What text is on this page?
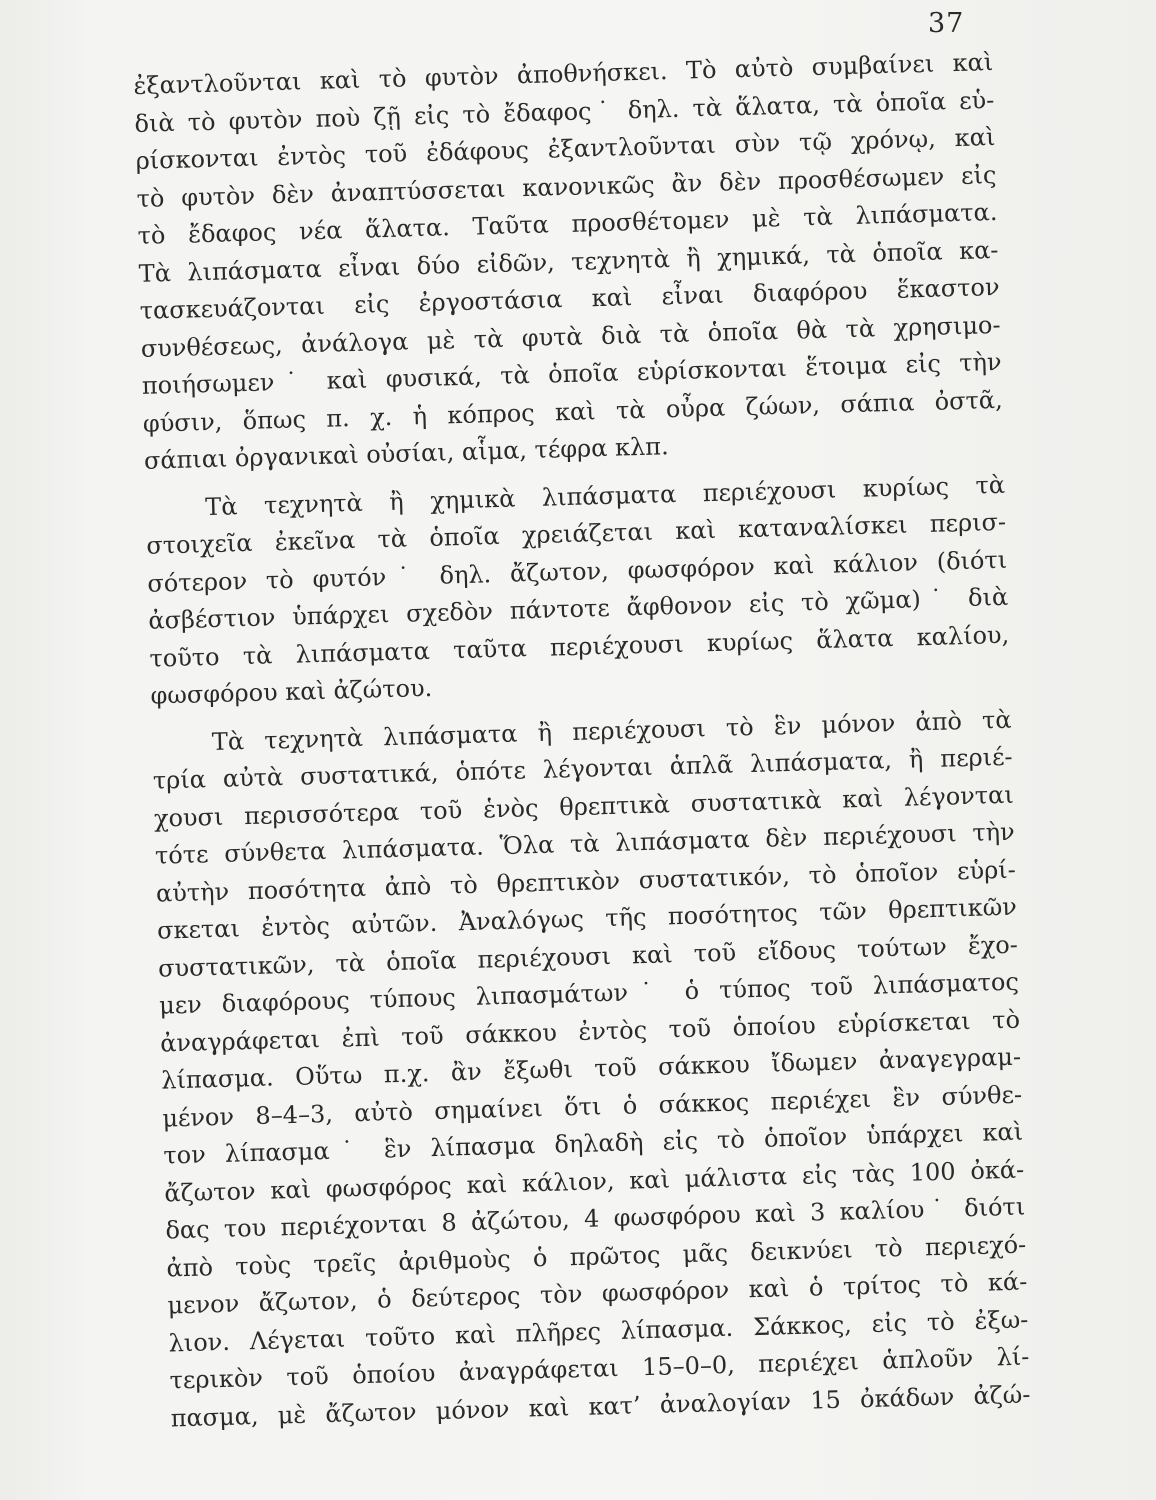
37
ἐξαντλοῦνται καὶ τὸ φυτὸν ἀποθνήσκει. Τὸ αὐτὸ συμβαίνει καὶ
διὰ τὸ φυτὸν ποὺ ζῇ εἰς τὸ ἔδαφος˙ δηλ. τὰ ἅλατα, τὰ ὁποῖα εὑ-
ρίσκονται ἐντὸς τοῦ ἐδάφους ἐξαντλοῦνται σὺν τῷ χρόνῳ, καὶ
τὸ φυτὸν δὲν ἀναπτύσσεται κανονικῶς ἂν δὲν προσθέσωμεν εἰς
τὸ ἔδαφος νέα ἅλατα. Ταῦτα προσθέτομεν μὲ τὰ λιπάσματα.
Τὰ λιπάσματα εἶναι δύο εἰδῶν, τεχνητὰ ἢ χημικά, τὰ ὁποῖα κα-
τασκευάζονται εἰς ἐργοστάσια καὶ εἶναι διαφόρου ἕκαστον
συνθέσεως, ἀνάλογα μὲ τὰ φυτὰ διὰ τὰ ὁποῖα θὰ τὰ χρησιμο-
ποιήσωμεν˙ καὶ φυσικά, τὰ ὁποῖα εὑρίσκονται ἕτοιμα εἰς τὴν
φύσιν, ὅπως π. χ. ἡ κόπρος καὶ τὰ οὖρα ζώων, σάπια ὀστᾶ,
σάπιαι ὀργανικαὶ οὐσίαι, αἷμα, τέφρα κλπ.
Τὰ τεχνητὰ ἢ χημικὰ λιπάσματα περιέχουσι κυρίως τὰ
στοιχεῖα ἐκεῖνα τὰ ὁποῖα χρειάζεται καὶ καταναλίσκει περισ-
σότερον τὸ φυτόν˙ δηλ. ἄζωτον, φωσφόρον καὶ κάλιον (διότι
ἀσβέστιον ὑπάρχει σχεδὸν πάντοτε ἄφθονον εἰς τὸ χῶμα)˙ διὰ
τοῦτο τὰ λιπάσματα ταῦτα περιέχουσι κυρίως ἅλατα καλίου,
φωσφόρου καὶ ἀζώτου.
Τὰ τεχνητὰ λιπάσματα ἢ περιέχουσι τὸ ἓν μόνον ἀπὸ τὰ
τρία αὐτὰ συστατικά, ὁπότε λέγονται ἁπλᾶ λιπάσματα, ἢ περιέ-
χουσι περισσότερα τοῦ ἑνὸς θρεπτικὰ συστατικὰ καὶ λέγονται
τότε σύνθετα λιπάσματα. Ὅλα τὰ λιπάσματα δὲν περιέχουσι τὴν
αὐτὴν ποσότητα ἀπὸ τὸ θρεπτικὸν συστατικόν, τὸ ὁποῖον εὑρί-
σκεται ἐντὸς αὐτῶν. Ἀναλόγως τῆς ποσότητος τῶν θρεπτικῶν
συστατικῶν, τὰ ὁποῖα περιέχουσι καὶ τοῦ εἴδους τούτων ἔχο-
μεν διαφόρους τύπους λιπασμάτων˙ ὁ τύπος τοῦ λιπάσματος
ἀναγράφεται ἐπὶ τοῦ σάκκου ἐντὸς τοῦ ὁποίου εὑρίσκεται τὸ
λίπασμα. Οὕτω π.χ. ἂν ἔξωθι τοῦ σάκκου ἴδωμεν ἀναγεγραμ-
μένον 8–4–3, αὐτὸ σημαίνει ὅτι ὁ σάκκος περιέχει ἓν σύνθε-
τον λίπασμα˙ ἓν λίπασμα δηλαδὴ εἰς τὸ ὁποῖον ὑπάρχει καὶ
ἄζωτον καὶ φωσφόρος καὶ κάλιον, καὶ μάλιστα εἰς τὰς 100 ὀκά-
δας του περιέχονται 8 ἀζώτου, 4 φωσφόρου καὶ 3 καλίου˙ διότι
ἀπὸ τοὺς τρεῖς ἀριθμοὺς ὁ πρῶτος μᾶς δεικνύει τὸ περιεχό-
μενον ἄζωτον, ὁ δεύτερος τὸν φωσφόρον καὶ ὁ τρίτος τὸ κά-
λιον. Λέγεται τοῦτο καὶ πλῆρες λίπασμα. Σάκκος, εἰς τὸ ἐξω-
τερικὸν τοῦ ὁποίου ἀναγράφεται 15–0–0, περιέχει ἁπλοῦν λί-
πασμα, μὲ ἄζωτον μόνον καὶ κατ’ ἀναλογίαν 15 ὀκάδων ἀζώ-
